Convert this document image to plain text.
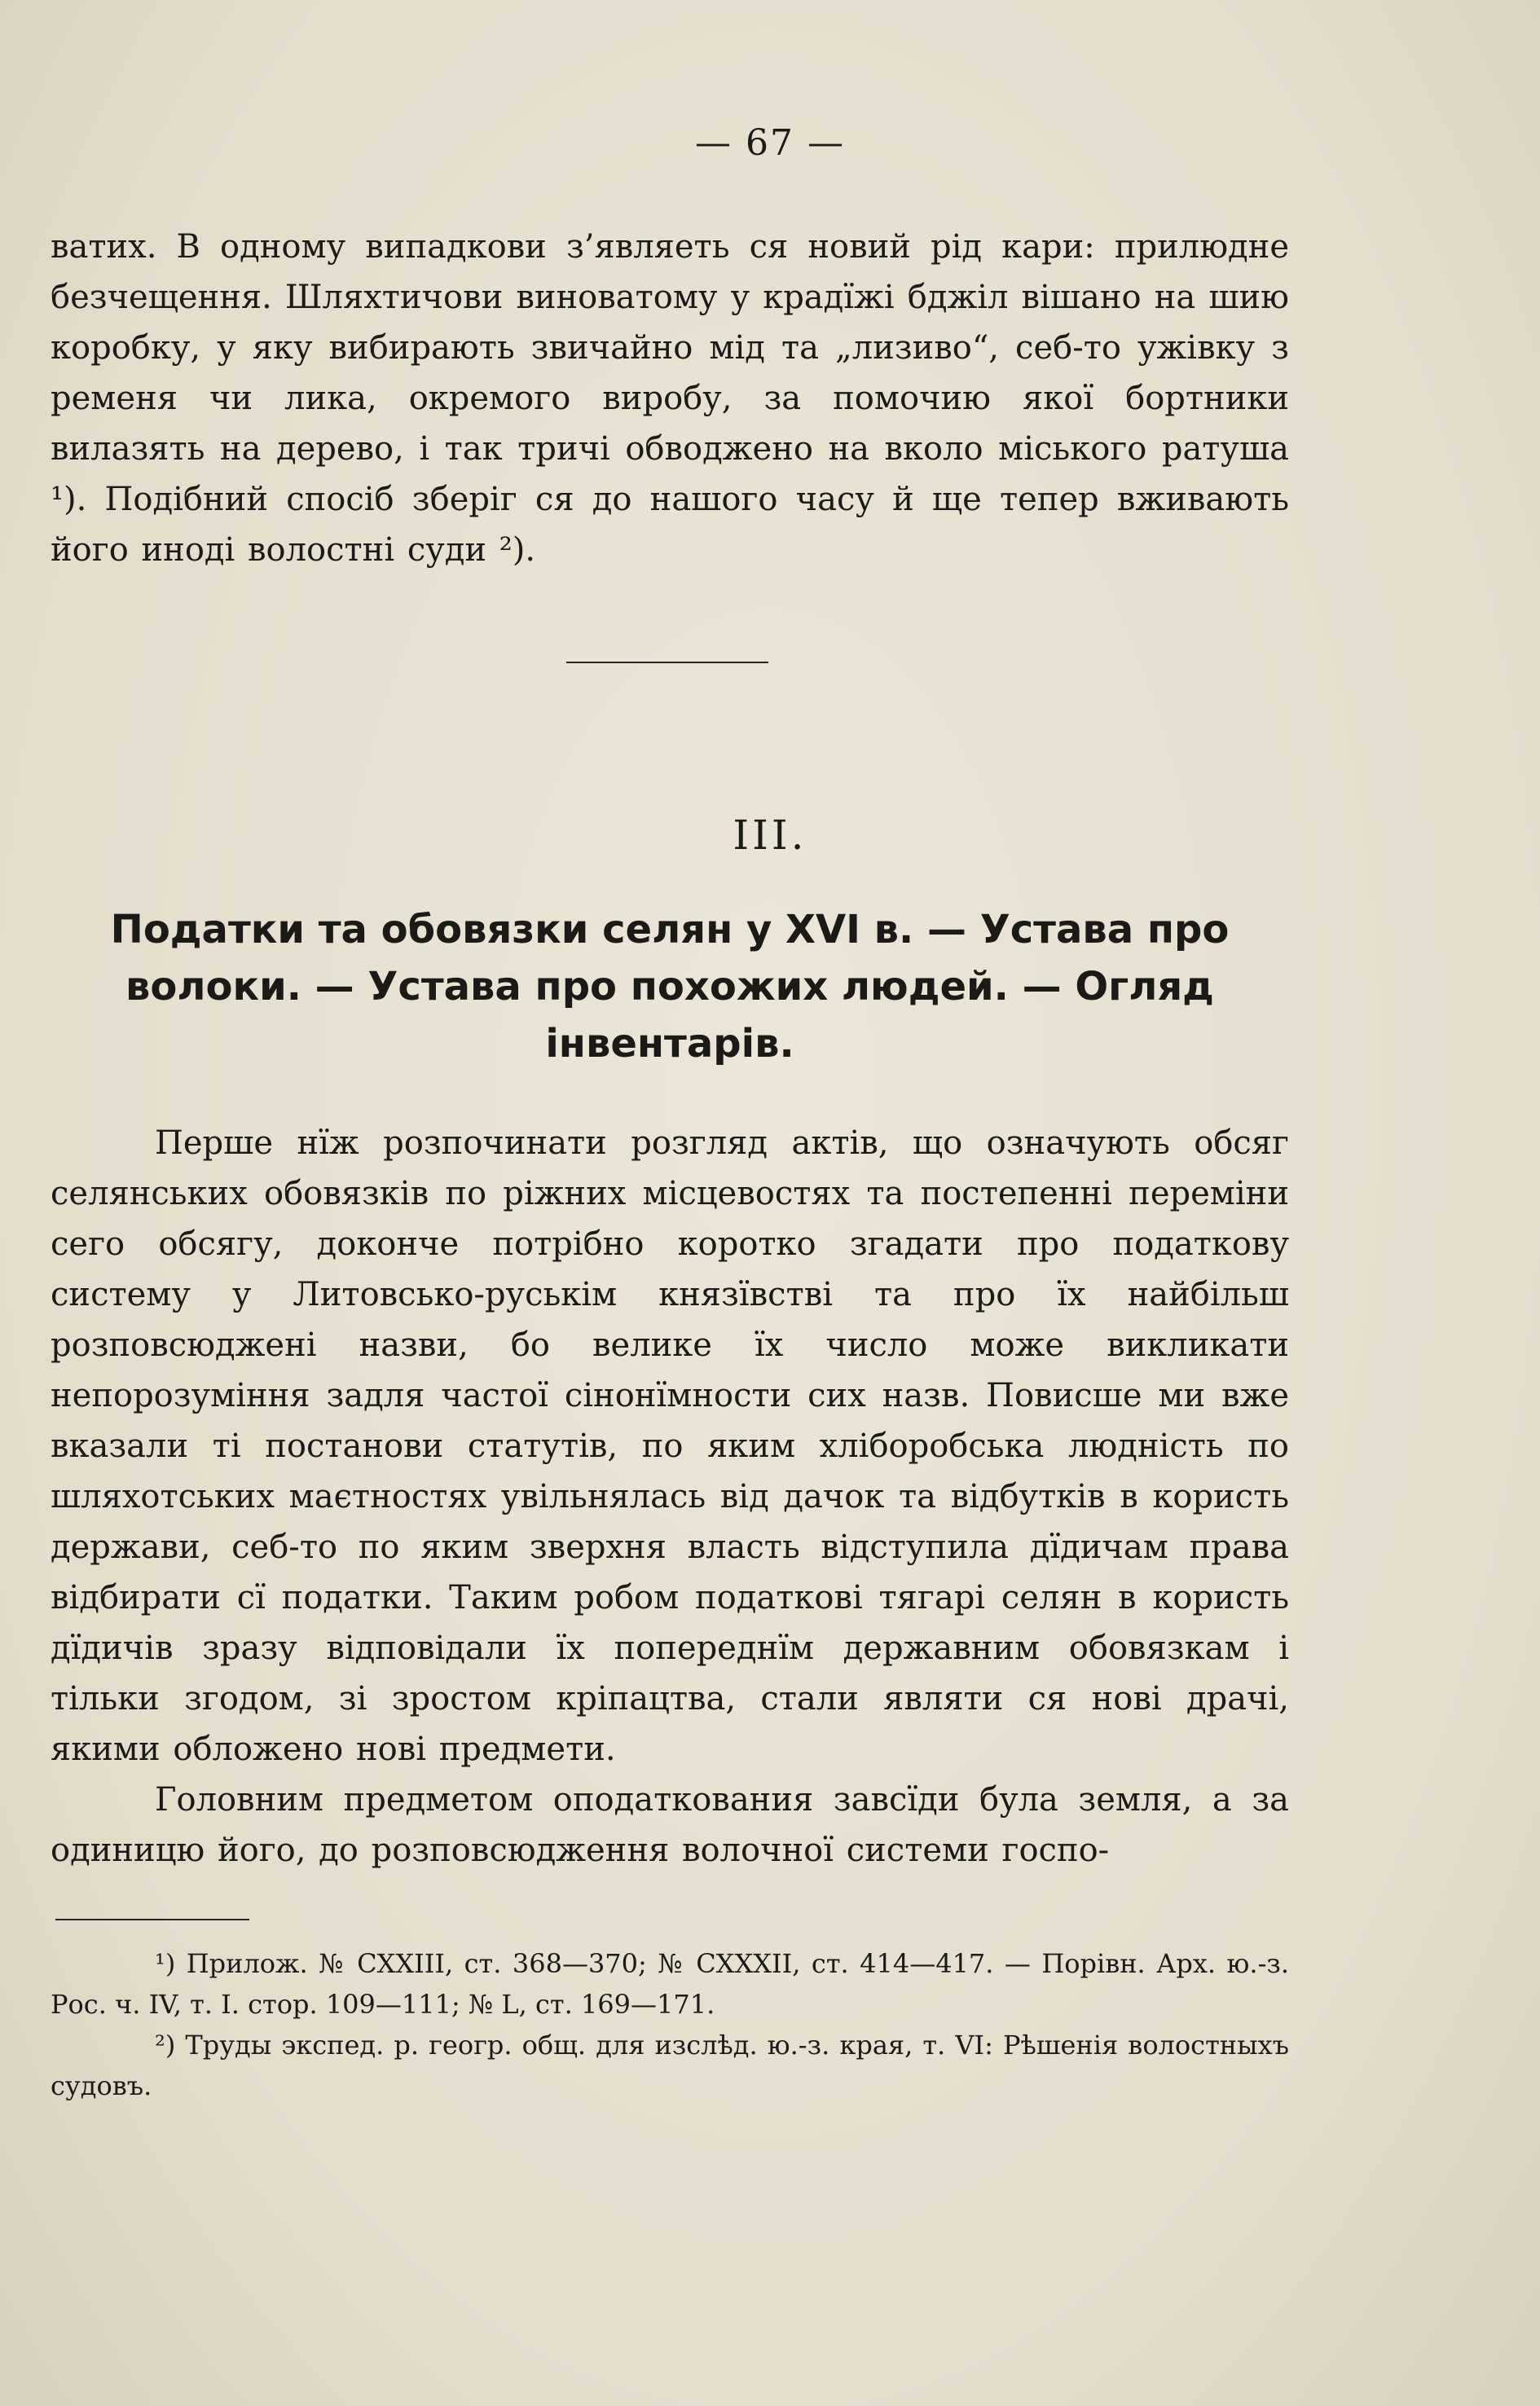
— 67 —

ватих. В одному випадкови з’являеть ся новий рід кари: прилюдне безчещення. Шляхтичови виноватому у крадїжі бджіл вішано на шию коробку, у яку вибирають звичайно мід та „лизиво“, себ-то ужівку з ременя чи лика, окремого виробу, за помочию якої бортники вилазять на дерево, і так тричі обводжено на вколо міського ратуша ¹). Подібний спосіб зберіг ся до нашого часу й ще тепер вживають його иноді волостні суди ²).

III.
Податки та обовязки селян у XVI в. — Устава про волоки. — Устава про похожих людей. — Огляд інвентарів.

Перше нїж розпочинати розгляд актів, що означують обсяг селянських обовязків по ріжних місцевостях та постепенні переміни сего обсягу, доконче потрібно коротко згадати про податкову систему у Литовсько-руськім князївстві та про їх найбільш розповсюджені назви, бо велике їх число може викликати непорозуміння задля частої сінонїмности сих назв. Повисше ми вже вказали ті постанови статутів, по яким хліборобська людність по шляхотських маєтностях увільнялась від дачок та відбутків в користь держави, себ-то по яким зверхня власть відступила дїдичам права відбирати сї податки. Таким робом податкові тягарі селян в користь дїдичів зразу відповідали їх попереднїм державним обовязкам і тільки згодом, зі зростом кріпацтва, стали являти ся нові драчі, якими обложено нові предмети.

Головним предметом оподаткования завсїди була земля, а за одиницю його, до розповсюдження волочної системи госпо-

¹) Прилож. № CXXIII, ст. 368—370; № CXXXII, ст. 414—417. — Порівн. Арх. ю.-з. Рос. ч. IV, т. I. стор. 109—111; № L, ст. 169—171.

²) Труды экспед. р. геогр. общ. для изслѣд. ю.-з. края, т. VI: Рѣшенія волостныхъ судовъ.
